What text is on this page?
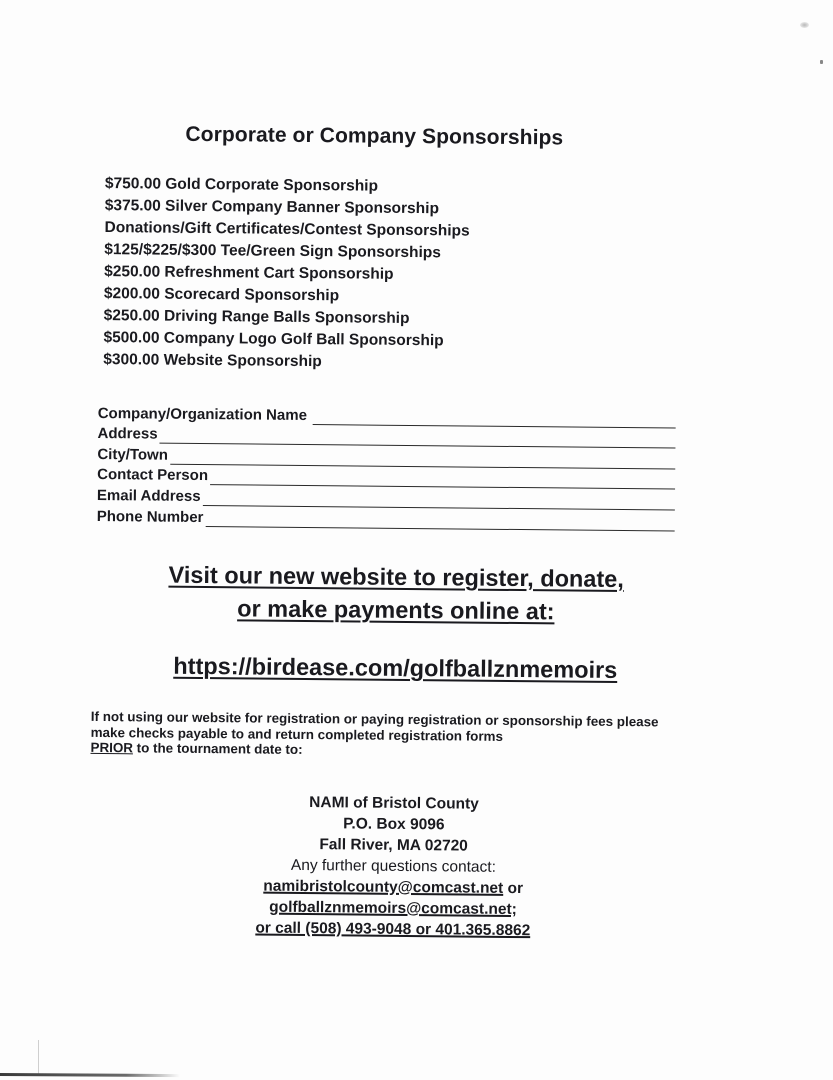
Corporate or Company Sponsorships
$750.00 Gold Corporate Sponsorship
$375.00 Silver Company Banner Sponsorship
Donations/Gift Certificates/Contest Sponsorships
$125/$225/$300 Tee/Green Sign Sponsorships
$250.00 Refreshment Cart Sponsorship
$200.00 Scorecard Sponsorship
$250.00 Driving Range Balls Sponsorship
$500.00 Company Logo Golf Ball Sponsorship
$300.00 Website Sponsorship
Company/Organization Name
Address
City/Town
Contact Person
Email Address
Phone Number
Visit our new website to register, donate,
or make payments online at:
https://birdease.com/golfballznmemoirs
If not using our website for registration or paying registration or sponsorship fees please make checks payable to and return completed registration forms
PRIOR to the tournament date to:
NAMI of Bristol County
P.O. Box 9096
Fall River, MA 02720
Any further questions contact:
namibristolcounty@comcast.net or
golfballznmemoirs@comcast.net;
or call (508) 493-9048 or 401.365.8862
